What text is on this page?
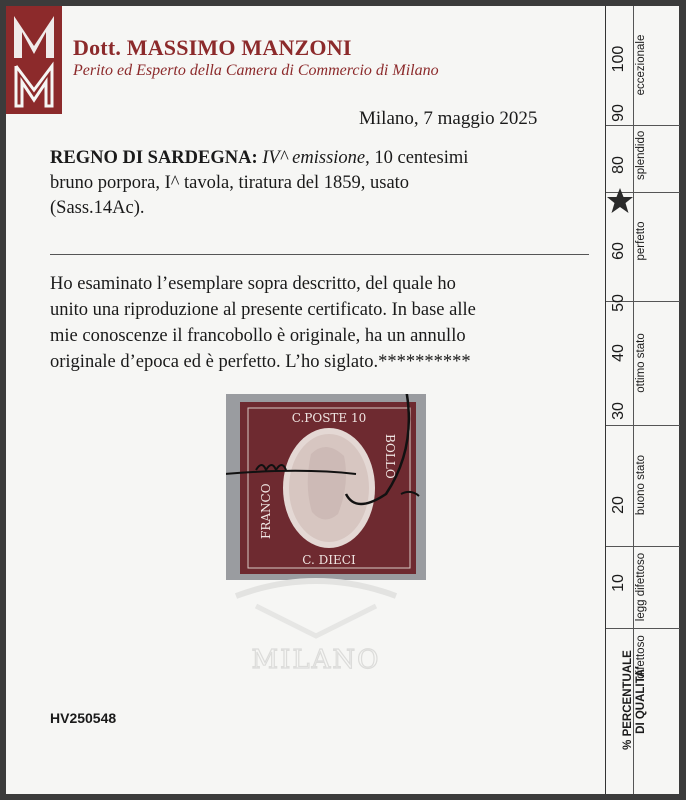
Dott. MASSIMO MANZONI
Perito ed Esperto della Camera di Commercio di Milano
Milano, 7 maggio 2025
REGNO DI SARDEGNA: IV^ emissione, 10 centesimi
bruno porpora, I^ tavola, tiratura del 1859, usato
(Sass.14Ac).
Ho esaminato l’esemplare sopra descritto, del quale ho
unito una riproduzione al presente certificato. In base alle
mie conoscenze il francobollo è originale, ha un annullo
originale d’epoca ed è perfetto. L’ho siglato.**********
C.POSTE 10
C. DIECI
FRANCO
BOLLO
MILANO
HV250548
100
90
80
60
50
40
30
20
10
eccezionale
splendido
perfetto
ottimo stato
buono stato
legg difettoso
difettoso
% PERCENTUALE DI QUALITA'
